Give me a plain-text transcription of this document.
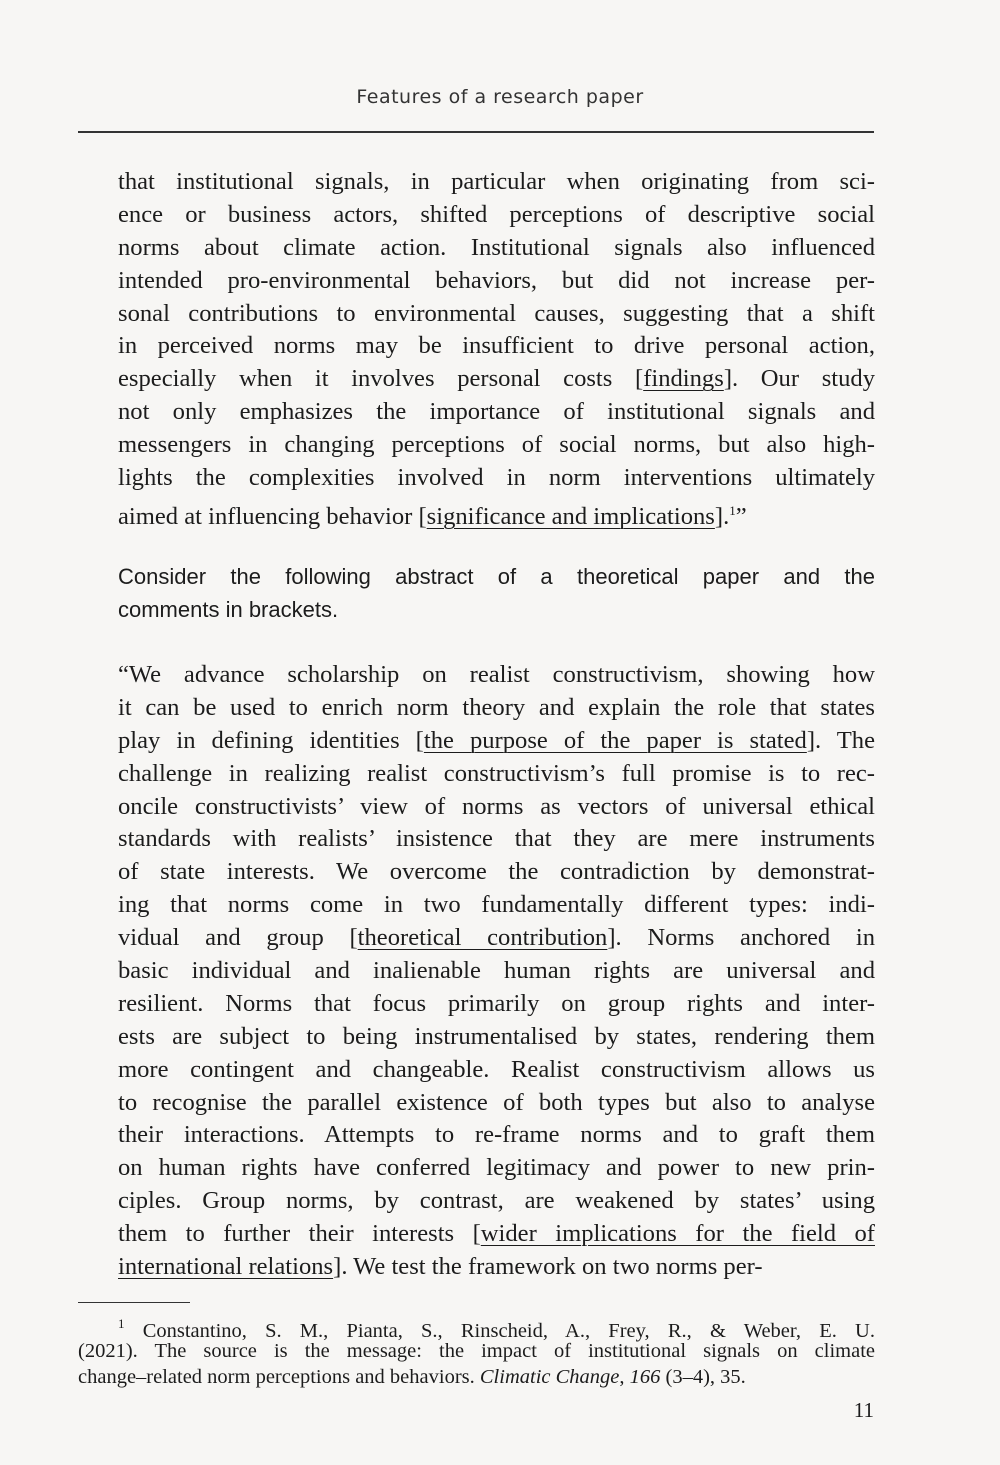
Features of a research paper
that institutional signals, in particular when originating from sci-
ence or business actors, shifted perceptions of descriptive social
norms about climate action. Institutional signals also influenced
intended pro-environmental behaviors, but did not increase per-
sonal contributions to environmental causes, suggesting that a shift
in perceived norms may be insufficient to drive personal action,
especially when it involves personal costs [findings]. Our study
not only emphasizes the importance of institutional signals and
messengers in changing perceptions of social norms, but also high-
lights the complexities involved in norm interventions ultimately
aimed at influencing behavior [significance and implications].$^1$”
Consider the following abstract of a theoretical paper and the
comments in brackets.
“We advance scholarship on realist constructivism, showing how
it can be used to enrich norm theory and explain the role that states
play in defining identities [the purpose of the paper is stated]. The
challenge in realizing realist constructivism’s full promise is to rec-
oncile constructivists’ view of norms as vectors of universal ethical
standards with realists’ insistence that they are mere instruments
of state interests. We overcome the contradiction by demonstrat-
ing that norms come in two fundamentally different types: indi-
vidual and group [theoretical contribution]. Norms anchored in
basic individual and inalienable human rights are universal and
resilient. Norms that focus primarily on group rights and inter-
ests are subject to being instrumentalised by states, rendering them
more contingent and changeable. Realist constructivism allows us
to recognise the parallel existence of both types but also to analyse
their interactions. Attempts to re-frame norms and to graft them
on human rights have conferred legitimacy and power to new prin-
ciples. Group norms, by contrast, are weakened by states’ using
them to further their interests [wider implications for the field of
international relations]. We test the framework on two norms per-
$^1$ Constantino, S. M., Pianta, S., Rinscheid, A., Frey, R., & Weber, E. U.
(2021). The source is the message: the impact of institutional signals on climate
change–related norm perceptions and behaviors. Climatic Change, 166 (3–4), 35.
11
